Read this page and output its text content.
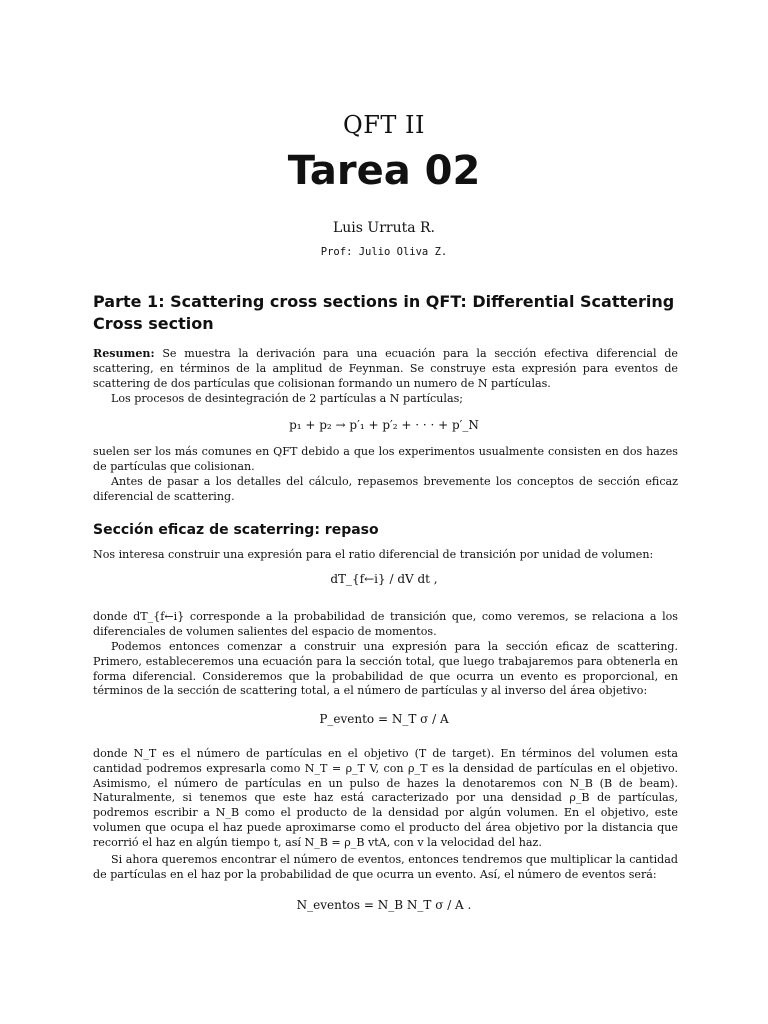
QFT II
Tarea 02
Luis Urruta R.
Prof: Julio Oliva Z.
Parte 1: Scattering cross sections in QFT: Differential Scattering Cross section

Resumen: Se muestra la derivación para una ecuación para la sección efectiva diferencial de scattering, en términos de la amplitud de Feynman. Se construye esta expresión para eventos de scattering de dos partículas que colisionan formando un numero de N partículas.

Los procesos de desintegración de 2 partículas a N partículas;

p₁ + p₂ → p′₁ + p′₂ + · · · + p′_N

suelen ser los más comunes en QFT debido a que los experimentos usualmente consisten en dos hazes de partículas que colisionan.

Antes de pasar a los detalles del cálculo, repasemos brevemente los conceptos de sección eficaz diferencial de scattering.

Sección eficaz de scaterring: repaso

Nos interesa construir una expresión para el ratio diferencial de transición por unidad de volumen:

dT_{f←i} / dV dt ,

donde dT_{f←i} corresponde a la probabilidad de transición que, como veremos, se relaciona a los diferenciales de volumen salientes del espacio de momentos.

Podemos entonces comenzar a construir una expresión para la sección eficaz de scattering. Primero, estableceremos una ecuación para la sección total, que luego trabajaremos para obtenerla en forma diferencial. Consideremos que la probabilidad de que ocurra un evento es proporcional, en términos de la sección de scattering total, a el número de partículas y al inverso del área objetivo:

P_evento = N_T σ / A

donde N_T es el número de partículas en el objetivo (T de target). En términos del volumen esta cantidad podremos expresarla como N_T = ρ_T V, con ρ_T es la densidad de partículas en el objetivo. Asimismo, el número de partículas en un pulso de hazes la denotaremos con N_B (B de beam). Naturalmente, si tenemos que este haz está caracterizado por una densidad ρ_B de partículas, podremos escribir a N_B como el producto de la densidad por algún volumen. En el objetivo, este volumen que ocupa el haz puede aproximarse como el producto del área objetivo por la distancia que recorrió el haz en algún tiempo t, así N_B = ρ_B vtA, con v la velocidad del haz.

Si ahora queremos encontrar el número de eventos, entonces tendremos que multiplicar la cantidad de partículas en el haz por la probabilidad de que ocurra un evento. Así, el número de eventos será:

N_eventos = N_B N_T σ / A .
